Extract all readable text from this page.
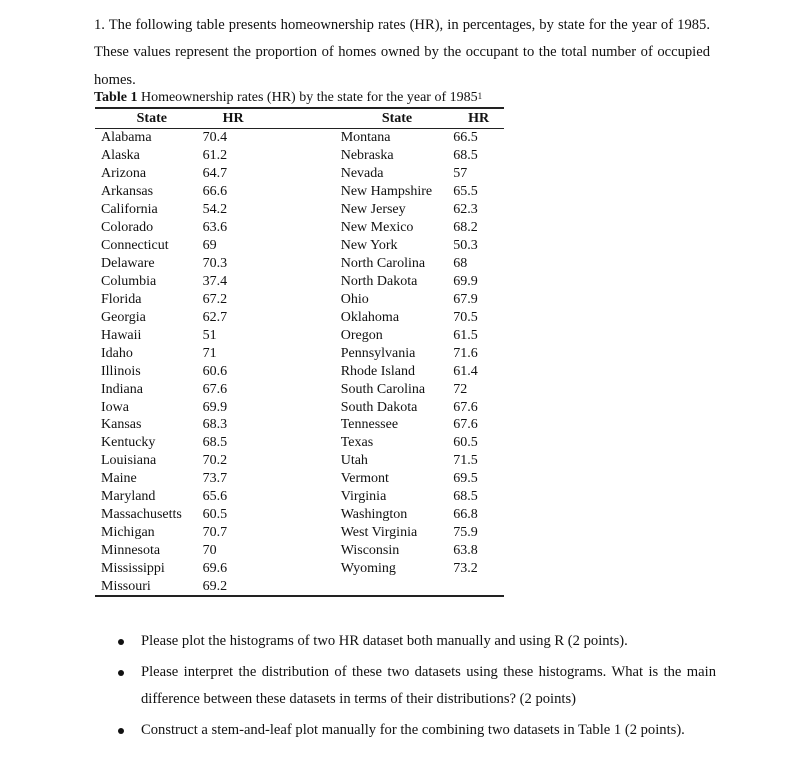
1. The following table presents homeownership rates (HR), in percentages, by state for the year of 1985. These values represent the proportion of homes owned by the occupant to the total number of occupied homes.

Table 1 Homeownership rates (HR) by the state for the year of 1985$^1$
State	HR	State	HR
Alabama	70.4	Montana	66.5
Alaska	61.2	Nebraska	68.5
Arizona	64.7	Nevada	57
Arkansas	66.6	New Hampshire	65.5
California	54.2	New Jersey	62.3
Colorado	63.6	New Mexico	68.2
Connecticut	69	New York	50.3
Delaware	70.3	North Carolina	68
Columbia	37.4	North Dakota	69.9
Florida	67.2	Ohio	67.9
Georgia	62.7	Oklahoma	70.5
Hawaii	51	Oregon	61.5
Idaho	71	Pennsylvania	71.6
Illinois	60.6	Rhode Island	61.4
Indiana	67.6	South Carolina	72
Iowa	69.9	South Dakota	67.6
Kansas	68.3	Tennessee	67.6
Kentucky	68.5	Texas	60.5
Louisiana	70.2	Utah	71.5
Maine	73.7	Vermont	69.5
Maryland	65.6	Virginia	68.5
Massachusetts	60.5	Washington	66.8
Michigan	70.7	West Virginia	75.9
Minnesota	70	Wisconsin	63.8
Mississippi	69.6	Wyoming	73.2
Missouri	69.2		
Please plot the histograms of two HR dataset both manually and using R (2 points).
Please interpret the distribution of these two datasets using these histograms. What is the main difference between these datasets in terms of their distributions? (2 points)
Construct a stem-and-leaf plot manually for the combining two datasets in Table 1 (2 points).
